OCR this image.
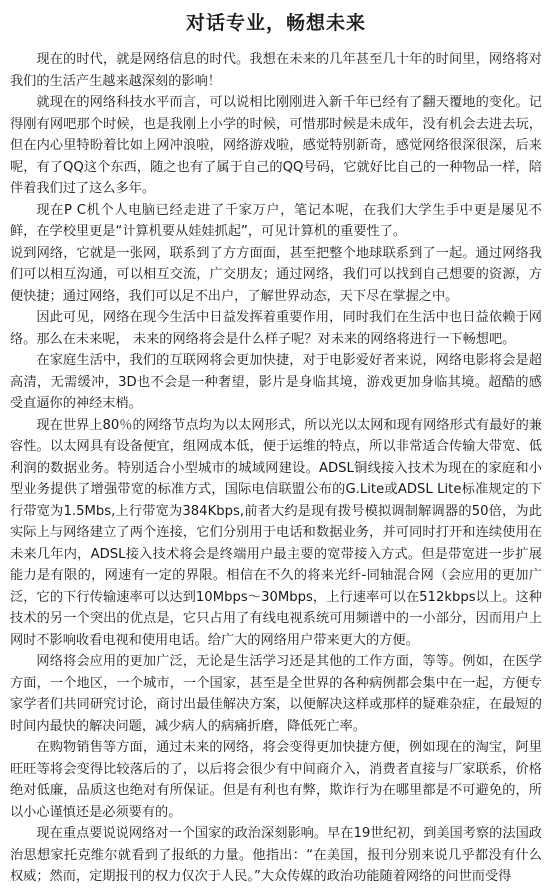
对话专业，畅想未来

现在的时代，就是网络信息的时代。我想在未来的几年甚至几十年的时间里，网络将对我们的生活产生越来越深刻的影响！

就现在的网络科技水平而言，可以说相比刚刚进入新千年已经有了翻天覆地的变化。记得刚有网吧那个时候，也是我刚上小学的时候，可惜那时候是未成年，没有机会去进去玩，但在内心里特盼着比如上网冲浪啦，网络游戏啦，感觉特别新奇，感觉网络很深很深，后来呢，有了QQ这个东西，随之也有了属于自己的QQ号码，它就好比自己的一种物品一样，陪伴着我们过了这么多年。

现在P C机个人电脑已经走进了千家万户，笔记本呢，在我们大学生手中更是屡见不鲜，在学校里更是“计算机要从娃娃抓起”，可见计算机的重要性了。

说到网络，它就是一张网，联系到了方方面面，甚至把整个地球联系到了一起。通过网络我们可以相互沟通，可以相互交流，广交朋友；通过网络，我们可以找到自己想要的资源，方便快捷；通过网络，我们可以足不出户，了解世界动态，天下尽在掌握之中。

因此可见，网络在现今生活中日益发挥着重要作用，同时我们在生活中也日益依赖于网络。那么在未来呢， 未来的网络将会是什么样子呢？对未来的网络将进行一下畅想吧。

在家庭生活中，我们的互联网将会更加快捷，对于电影爱好者来说，网络电影将会是超高清，无需缓冲，3D也不会是一种奢望，影片是身临其境，游戏更加身临其境。超酷的感受直逼你的神经末梢。

现在世界上80％的网络节点均为以太网形式，所以光以太网和现有网络形式有最好的兼容性。以太网具有设备便宜，组网成本低，便于运维的特点，所以非常适合传输大带宽、低利润的数据业务。特别适合小型城市的城域网建设。ADSL铜线接入技术为现在的家庭和小型业务提供了增强带宽的标准方式，国际电信联盟公布的G.Lite或ADSL Lite标准规定的下行带宽为1.5Mbs,上行带宽为384Kbps,前者大约是现有拨号模拟调制解调器的50倍，为此实际上与网络建立了两个连接，它们分别用于电话和数据业务，并可同时打开和连续使用在未来几年内，ADSL接入技术将会是终端用户最主要的宽带接入方式。但是带宽进一步扩展能力是有限的，网速有一定的界限。相信在不久的将来光纤-同轴混合网（会应用的更加广泛，它的下行传输速率可以达到10Mbps～30Mbps，上行速率可以在512kbps以上。这种技术的另一个突出的优点是，它只占用了有线电视系统可用频谱中的一小部分，因而用户上网时不影响收看电视和使用电话。给广大的网络用户带来更大的方便。

网络将会应用的更加广泛，无论是生活学习还是其他的工作方面，等等。例如，在医学方面，一个地区，一个城市，一个国家，甚至是全世界的各种病例都会集中在一起，方便专家学者们共同研究讨论，商讨出最佳解决方案，以便解决这样或那样的疑难杂症，在最短的时间内最快的解决问题，减少病人的病痛折磨，降低死亡率。

在购物销售等方面，通过未来的网络，将会变得更加快捷方便，例如现在的淘宝，阿里旺旺等将会变得比较落后的了，以后将会很少有中间商介入，消费者直接与厂家联系，价格绝对低廉，品质这也绝对有所保证。但是有利也有弊，欺诈行为在哪里都是不可避免的，所以小心谨慎还是必须要有的。

现在重点要说说网络对一个国家的政治深刻影响。早在19世纪初，到美国考察的法国政治思想家托克维尔就看到了报纸的力量。他指出：“在美国，报刊分别来说几乎都没有什么权威；然而，定期报刊的权力仅次于人民。”大众传媒的政治功能随着网络的问世而受得
